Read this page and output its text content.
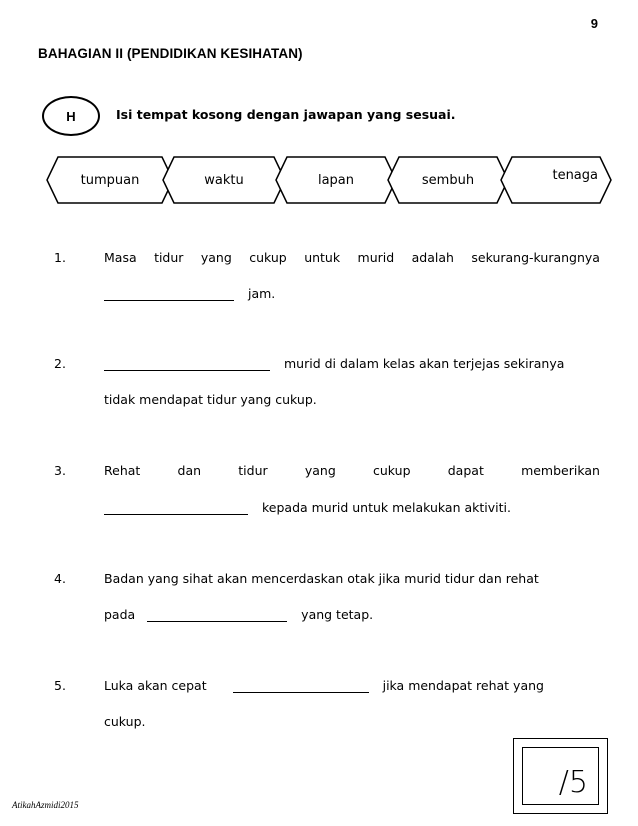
9
BAHAGIAN II (PENDIDIKAN KESIHATAN)
H	Isi tempat kosong dengan jawapan yang sesuai.
tumpuan	waktu	lapan	sembuh	tenaga
1.	Masa tidur yang cukup untuk murid adalah sekurang-kurangnya
jam.
2.	murid di dalam kelas akan terjejas sekiranya
tidak mendapat tidur yang cukup.
3.	Rehat	dan	tidur	yang	cukup	dapat	memberikan
kepada murid untuk melakukan aktiviti.
4.	Badan yang sihat akan mencerdaskan otak jika murid tidur dan rehat
pada	yang tetap.
5.	Luka akan cepat	jika mendapat rehat yang
cukup.
/5
AtikahAzmidi2015
